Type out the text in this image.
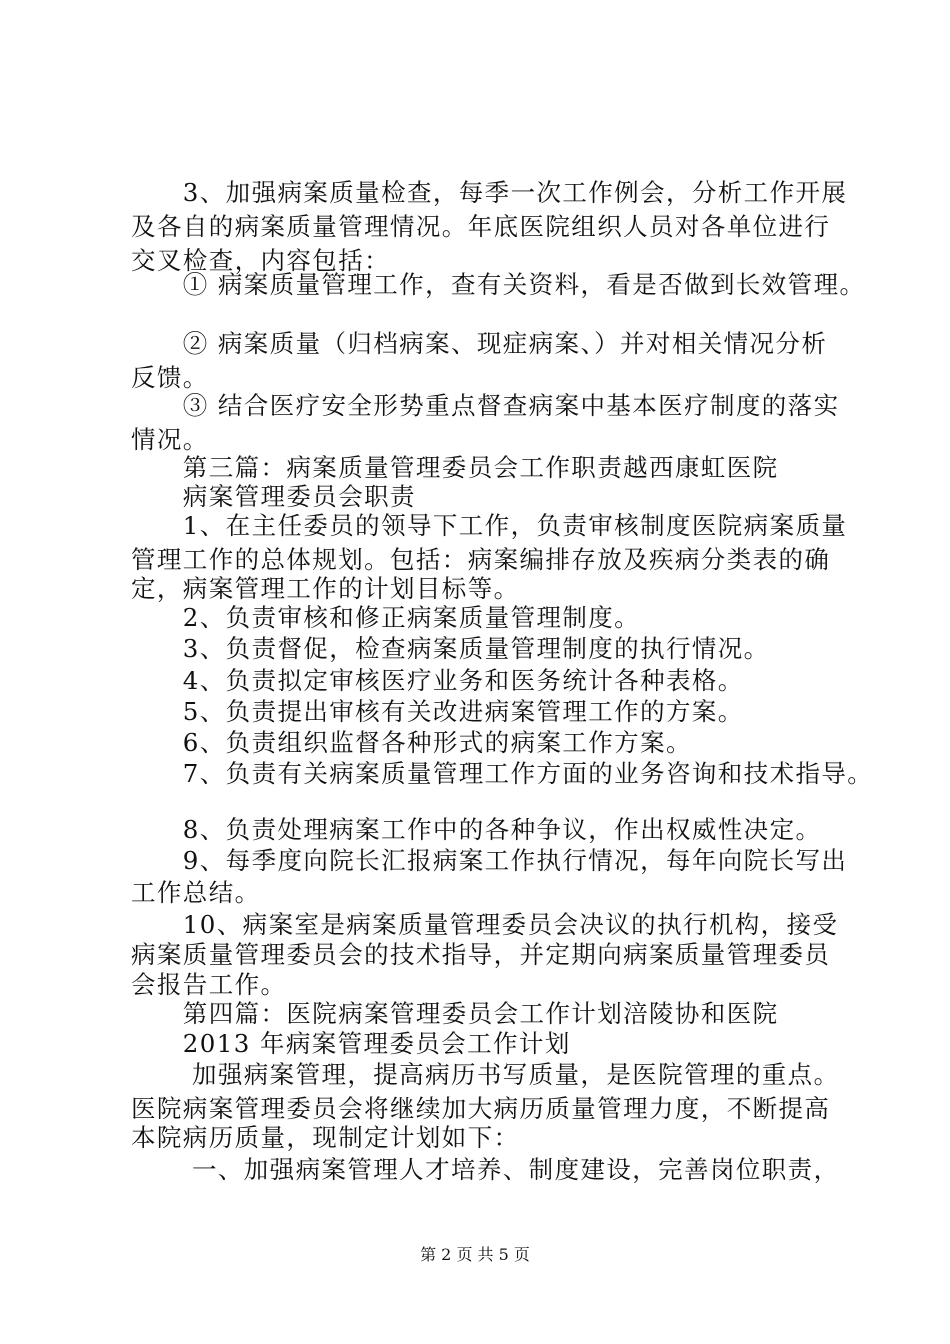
　　3、加强病案质量检查，每季一次工作例会，分析工作开展
及各自的病案质量管理情况。年底医院组织人员对各单位进行
交叉检查，内容包括：
　　① 病案质量管理工作，查有关资料，看是否做到长效管理。
　　② 病案质量（归档病案、现症病案、）并对相关情况分析
反馈。
　　③ 结合医疗安全形势重点督查病案中基本医疗制度的落实
情况。
　　第三篇：病案质量管理委员会工作职责越西康虹医院
　　病案管理委员会职责
　　1、在主任委员的领导下工作，负责审核制度医院病案质量
管理工作的总体规划。包括：病案编排存放及疾病分类表的确
定，病案管理工作的计划目标等。
　　2、负责审核和修正病案质量管理制度。
　　3、负责督促，检查病案质量管理制度的执行情况。
　　4、负责拟定审核医疗业务和医务统计各种表格。
　　5、负责提出审核有关改进病案管理工作的方案。
　　6、负责组织监督各种形式的病案工作方案。
　　7、负责有关病案质量管理工作方面的业务咨询和技术指导。
　　8、负责处理病案工作中的各种争议，作出权威性决定。
　　9、每季度向院长汇报病案工作执行情况，每年向院长写出
工作总结。
　　10、病案室是病案质量管理委员会决议的执行机构，接受
病案质量管理委员会的技术指导，并定期向病案质量管理委员
会报告工作。
　　第四篇：医院病案管理委员会工作计划涪陵协和医院
　　2013 年病案管理委员会工作计划
　　 加强病案管理，提高病历书写质量，是医院管理的重点。
医院病案管理委员会将继续加大病历质量管理力度，不断提高
本院病历质量，现制定计划如下：
　　 一、加强病案管理人才培养、制度建设，完善岗位职责，
第 2 页 共 5 页
